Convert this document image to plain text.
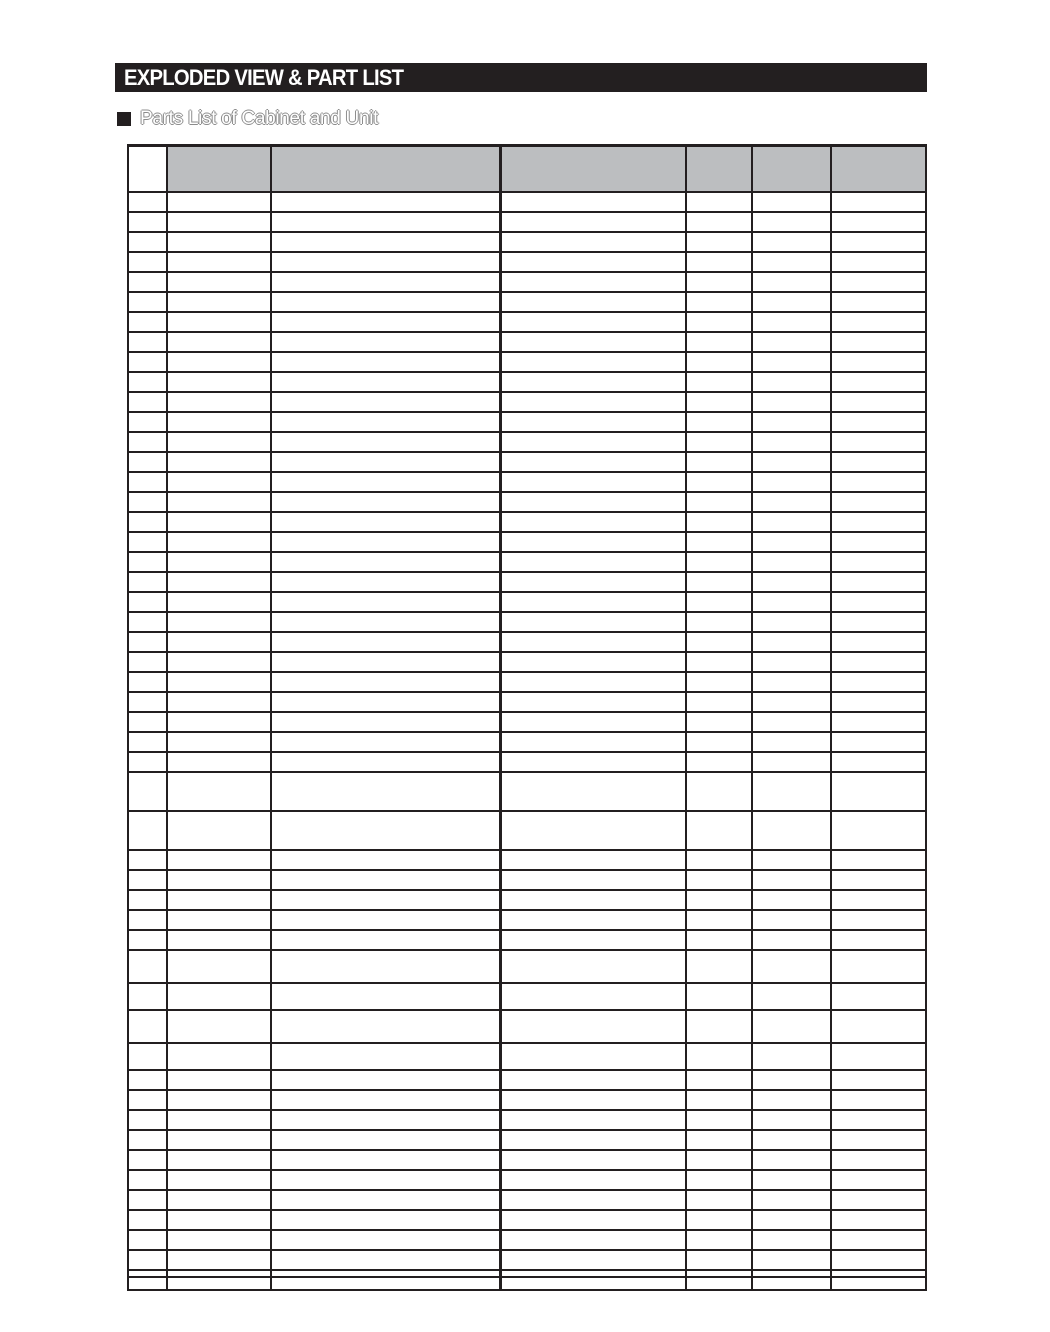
EXPLODED VIEW & PART LIST
Parts List of Cabinet and Unit
